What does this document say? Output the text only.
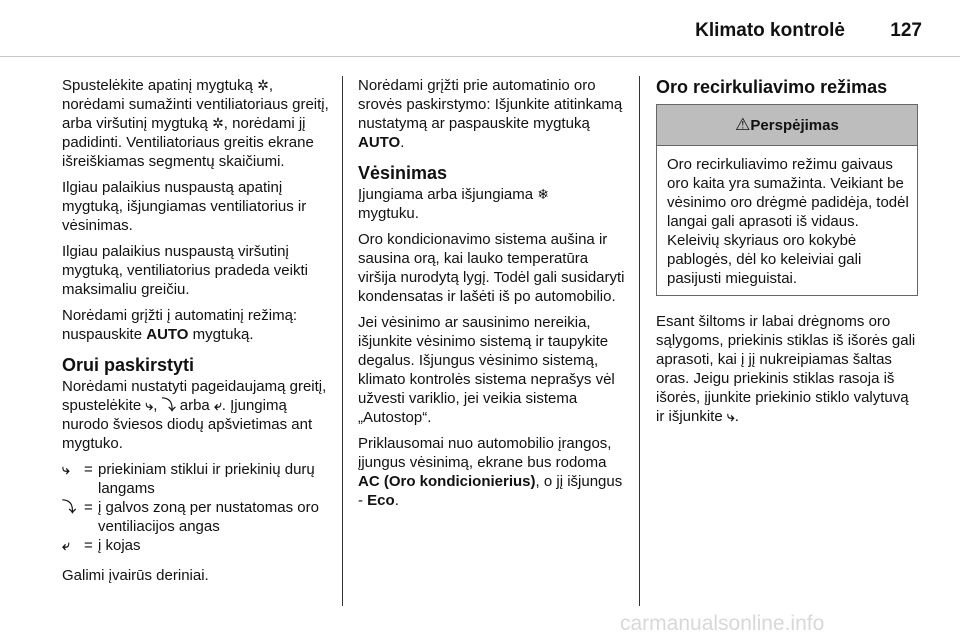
Klimato kontrolė 127

Spustelėkite apatinį mygtuką ✲, norėdami sumažinti ventiliatoriaus greitį, arba viršutinį mygtuką ✲, norėdami jį padidinti. Ventiliatoriaus greitis ekrane išreiškiamas segmentų skaičiumi.

Ilgiau palaikius nuspaustą apatinį mygtuką, išjungiamas ventiliatorius ir vėsinimas.

Ilgiau palaikius nuspaustą viršutinį mygtuką, ventiliatorius pradeda veikti maksimaliu greičiu.

Norėdami grįžti į automatinį režimą: nuspauskite AUTO mygtuką.

Orui paskirstyti

Norėdami nustatyti pageidaujamą greitį, spustelėkite ⤷, ⤵ arba ⤶. Įjungimą nurodo šviesos diodų apšvietimas ant mygtuko.

⤷ = priekiniam stiklui ir priekinių durų langams
⤵ = į galvos zoną per nustatomas oro ventiliacijos angas
⤶ = į kojas

Galimi įvairūs deriniai.

Norėdami grįžti prie automatinio oro srovės paskirstymo: Išjunkite atitinkamą nustatymą ar paspauskite mygtuką AUTO.

Vėsinimas

Įjungiama arba išjungiama ❄
mygtuku.

Oro kondicionavimo sistema aušina ir sausina orą, kai lauko temperatūra viršija nurodytą lygį. Todėl gali susidaryti kondensatas ir lašėti iš po automobilio.

Jei vėsinimo ar sausinimo nereikia, išjunkite vėsinimo sistemą ir taupykite degalus. Išjungus vėsinimo sistemą, klimato kontrolės sistema neprašys vėl užvesti variklio, jei veikia sistema „Autostop“.

Priklausomai nuo automobilio įrangos, įjungus vėsinimą, ekrane bus rodoma AC (Oro kondicionierius), o jį išjungus - Eco.

Oro recirkuliavimo režimas
⚠Perspėjimas
Oro recirkuliavimo režimu gaivaus oro kaita yra sumažinta. Veikiant be vėsinimo oro drėgmė padidėja, todėl langai gali aprasoti iš vidaus. Keleivių skyriaus oro kokybė pablogės, dėl ko keleiviai gali pasijusti mieguistai.

Esant šiltoms ir labai drėgnoms oro sąlygoms, priekinis stiklas iš išorės gali aprasoti, kai į jį nukreipiamas šaltas oras. Jeigu priekinis stiklas rasoja iš išorės, įjunkite priekinio stiklo valytuvą ir išjunkite ⤷.

carmanualsonline.info
